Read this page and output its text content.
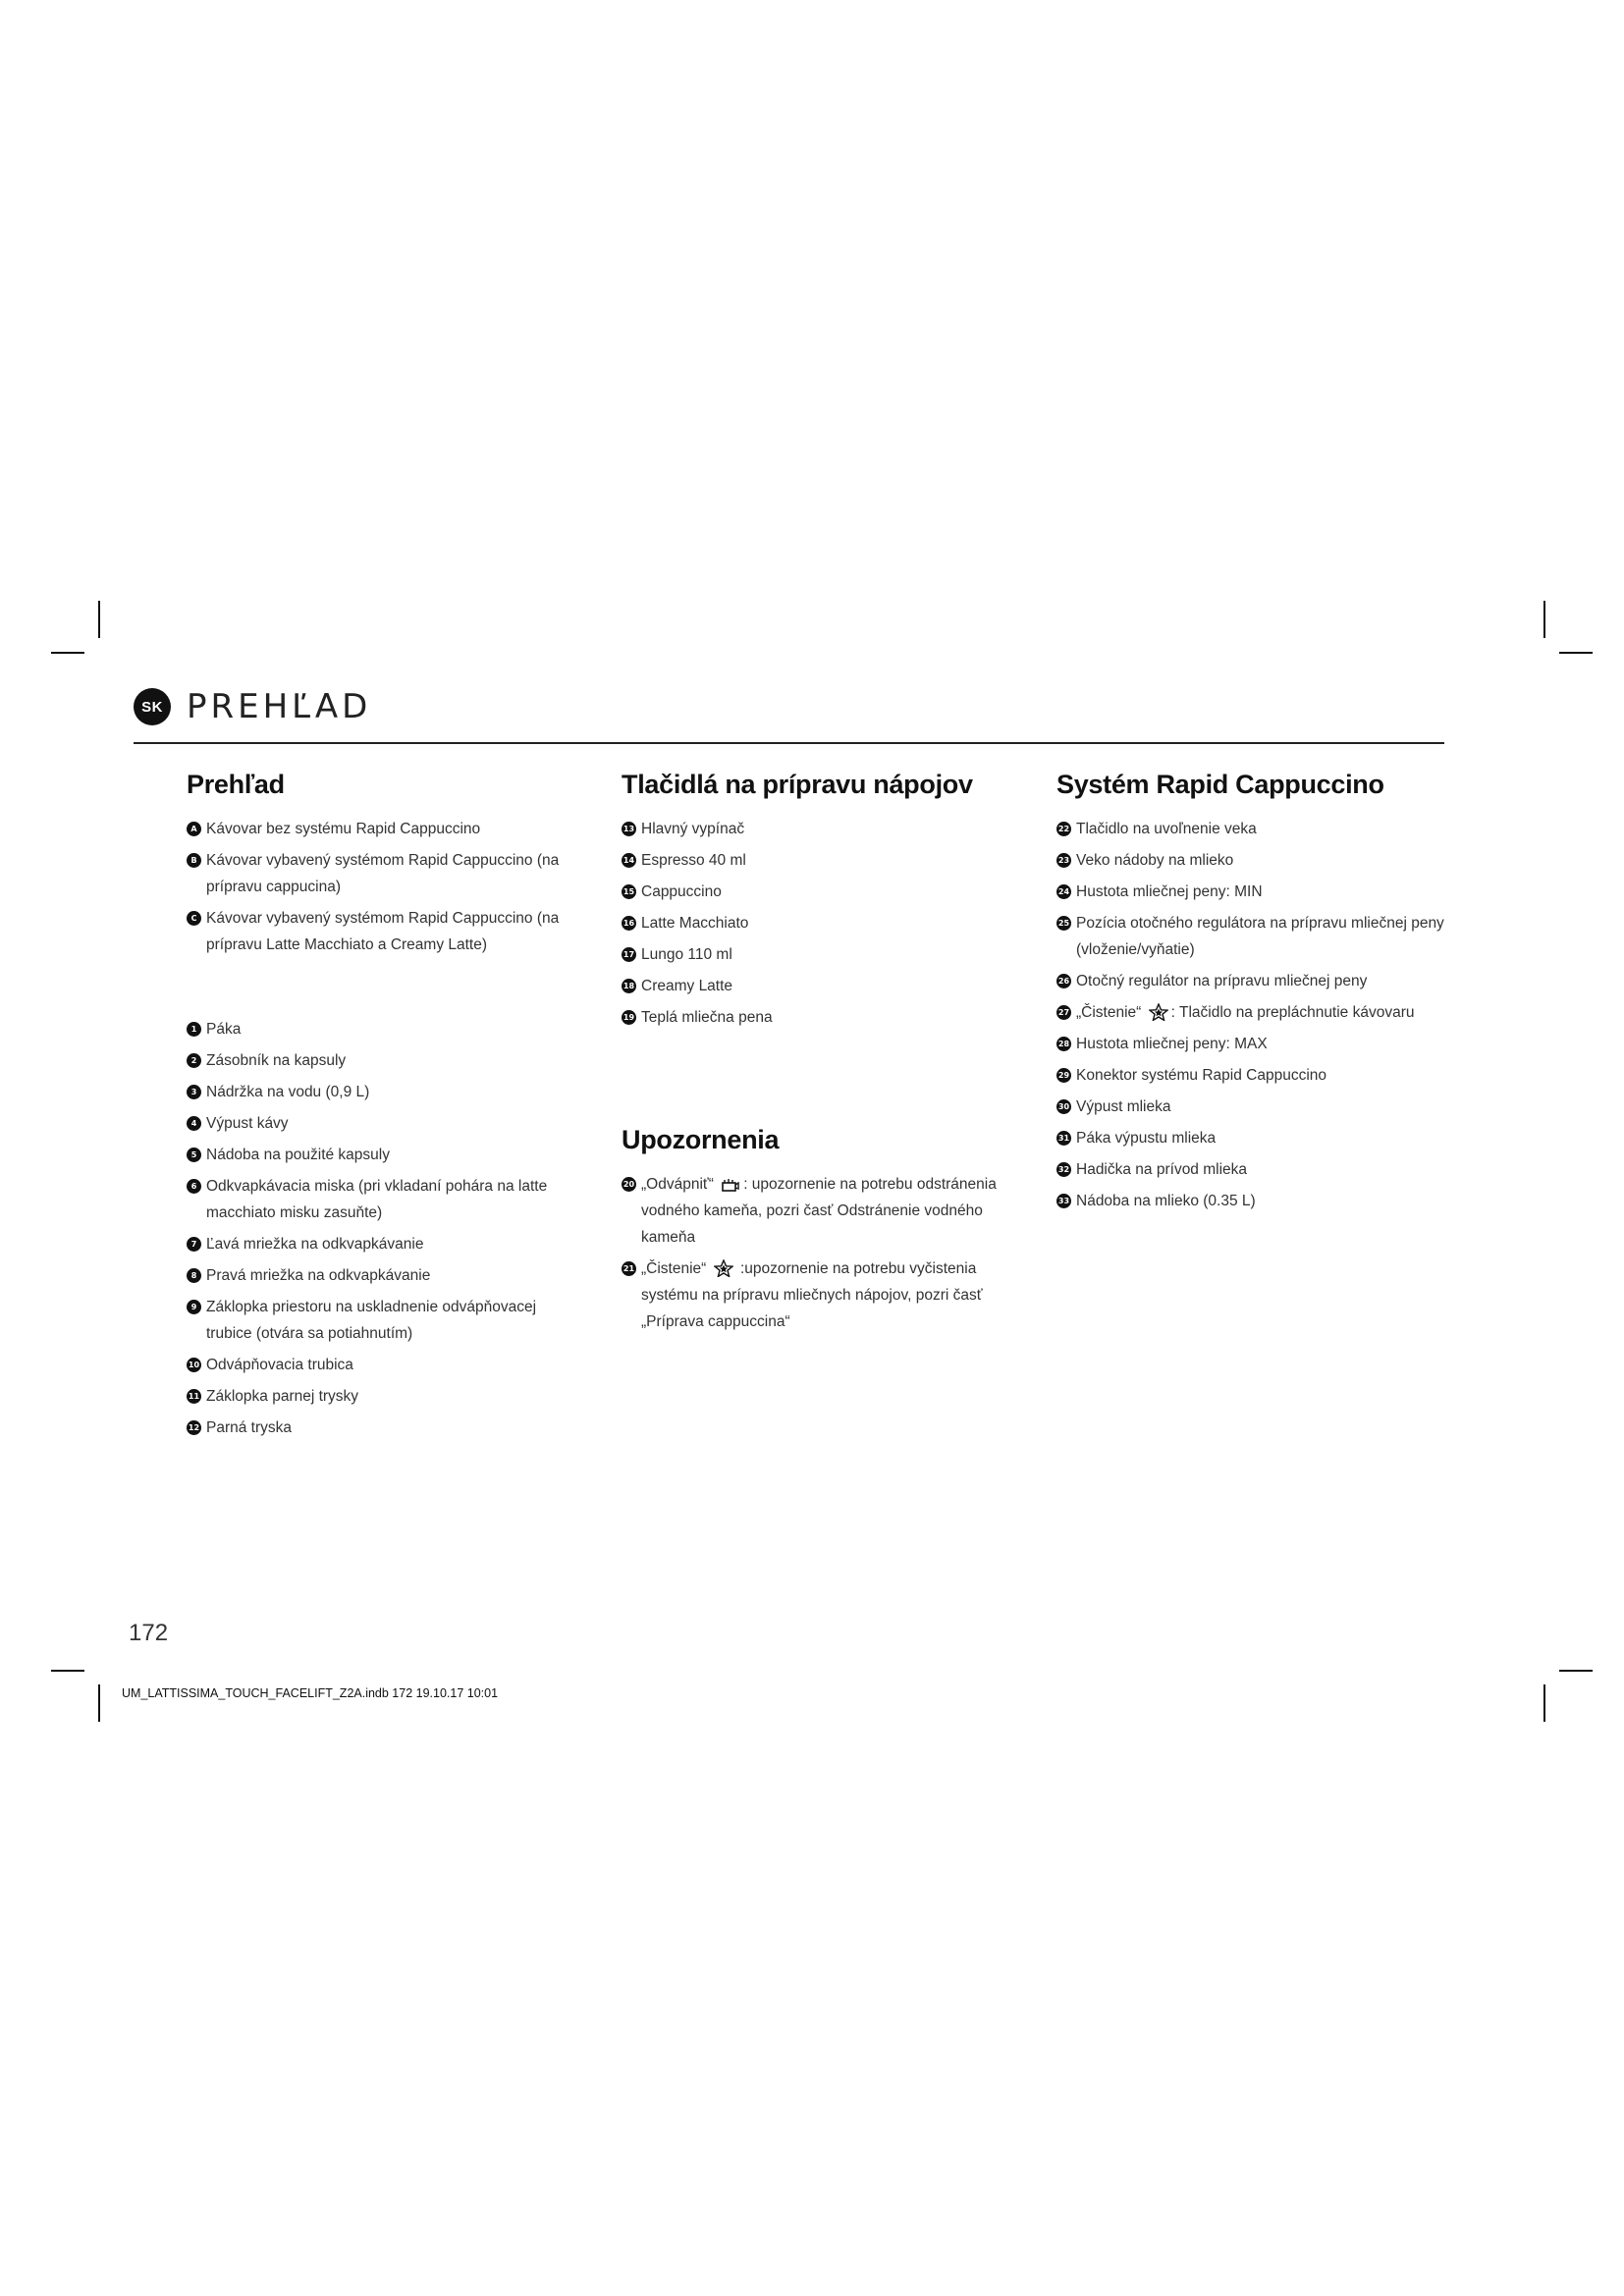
SK PREHĽAD
Prehľad
A Kávovar bez systému Rapid Cappuccino
B Kávovar vybavený systémom Rapid Cappuccino (na prípravu cappucina)
C Kávovar vybavený systémom Rapid Cappuccino (na prípravu Latte Macchiato a Creamy Latte)
1 Páka
2 Zásobník na kapsuly
3 Nádržka na vodu (0,9 L)
4 Výpust kávy
5 Nádoba na použité kapsuly
6 Odkvapkávacia miska (pri vkladaní pohára na latte macchiato misku zasuňte)
7 Ľavá mriežka na odkvapkávanie
8 Pravá mriežka na odkvapkávanie
9 Záklopka priestoru na uskladnenie odvápňovacej trubice (otvára sa potiahnutím)
10 Odvápňovacia trubica
11 Záklopka parnej trysky
12 Parná tryska
Tlačidlá na prípravu nápojov
13 Hlavný vypínač
14 Espresso 40 ml
15 Cappuccino
16 Latte Macchiato
17 Lungo 110 ml
18 Creamy Latte
19 Teplá mliečna pena
Upozornenia
20 „Odvápniť“ : upozornenie na potrebu odstránenia vodného kameňa, pozri časť Odstránenie vodného kameňa
21 „Čistenie“  :upozornenie na potrebu vyčistenia systému na prípravu mliečnych nápojov, pozri časť „Príprava cappuccina“
Systém Rapid Cappuccino
22 Tlačidlo na uvoľnenie veka
23 Veko nádoby na mlieko
24 Hustota mliečnej peny: MIN
25 Pozícia otočného regulátora na prípravu mliečnej peny (vloženie/vyňatie)
26 Otočný regulátor na prípravu mliečnej peny
27 „Čistenie“ : Tlačidlo na prepláchnutie kávovaru
28 Hustota mliečnej peny: MAX
29 Konektor systému Rapid Cappuccino
30 Výpust mlieka
31 Páka výpustu mlieka
32 Hadička na prívod mlieka
33 Nádoba na mlieko (0.35 L)
172
UM_LATTISSIMA_TOUCH_FACELIFT_Z2A.indb 172 19.10.17 10:01
